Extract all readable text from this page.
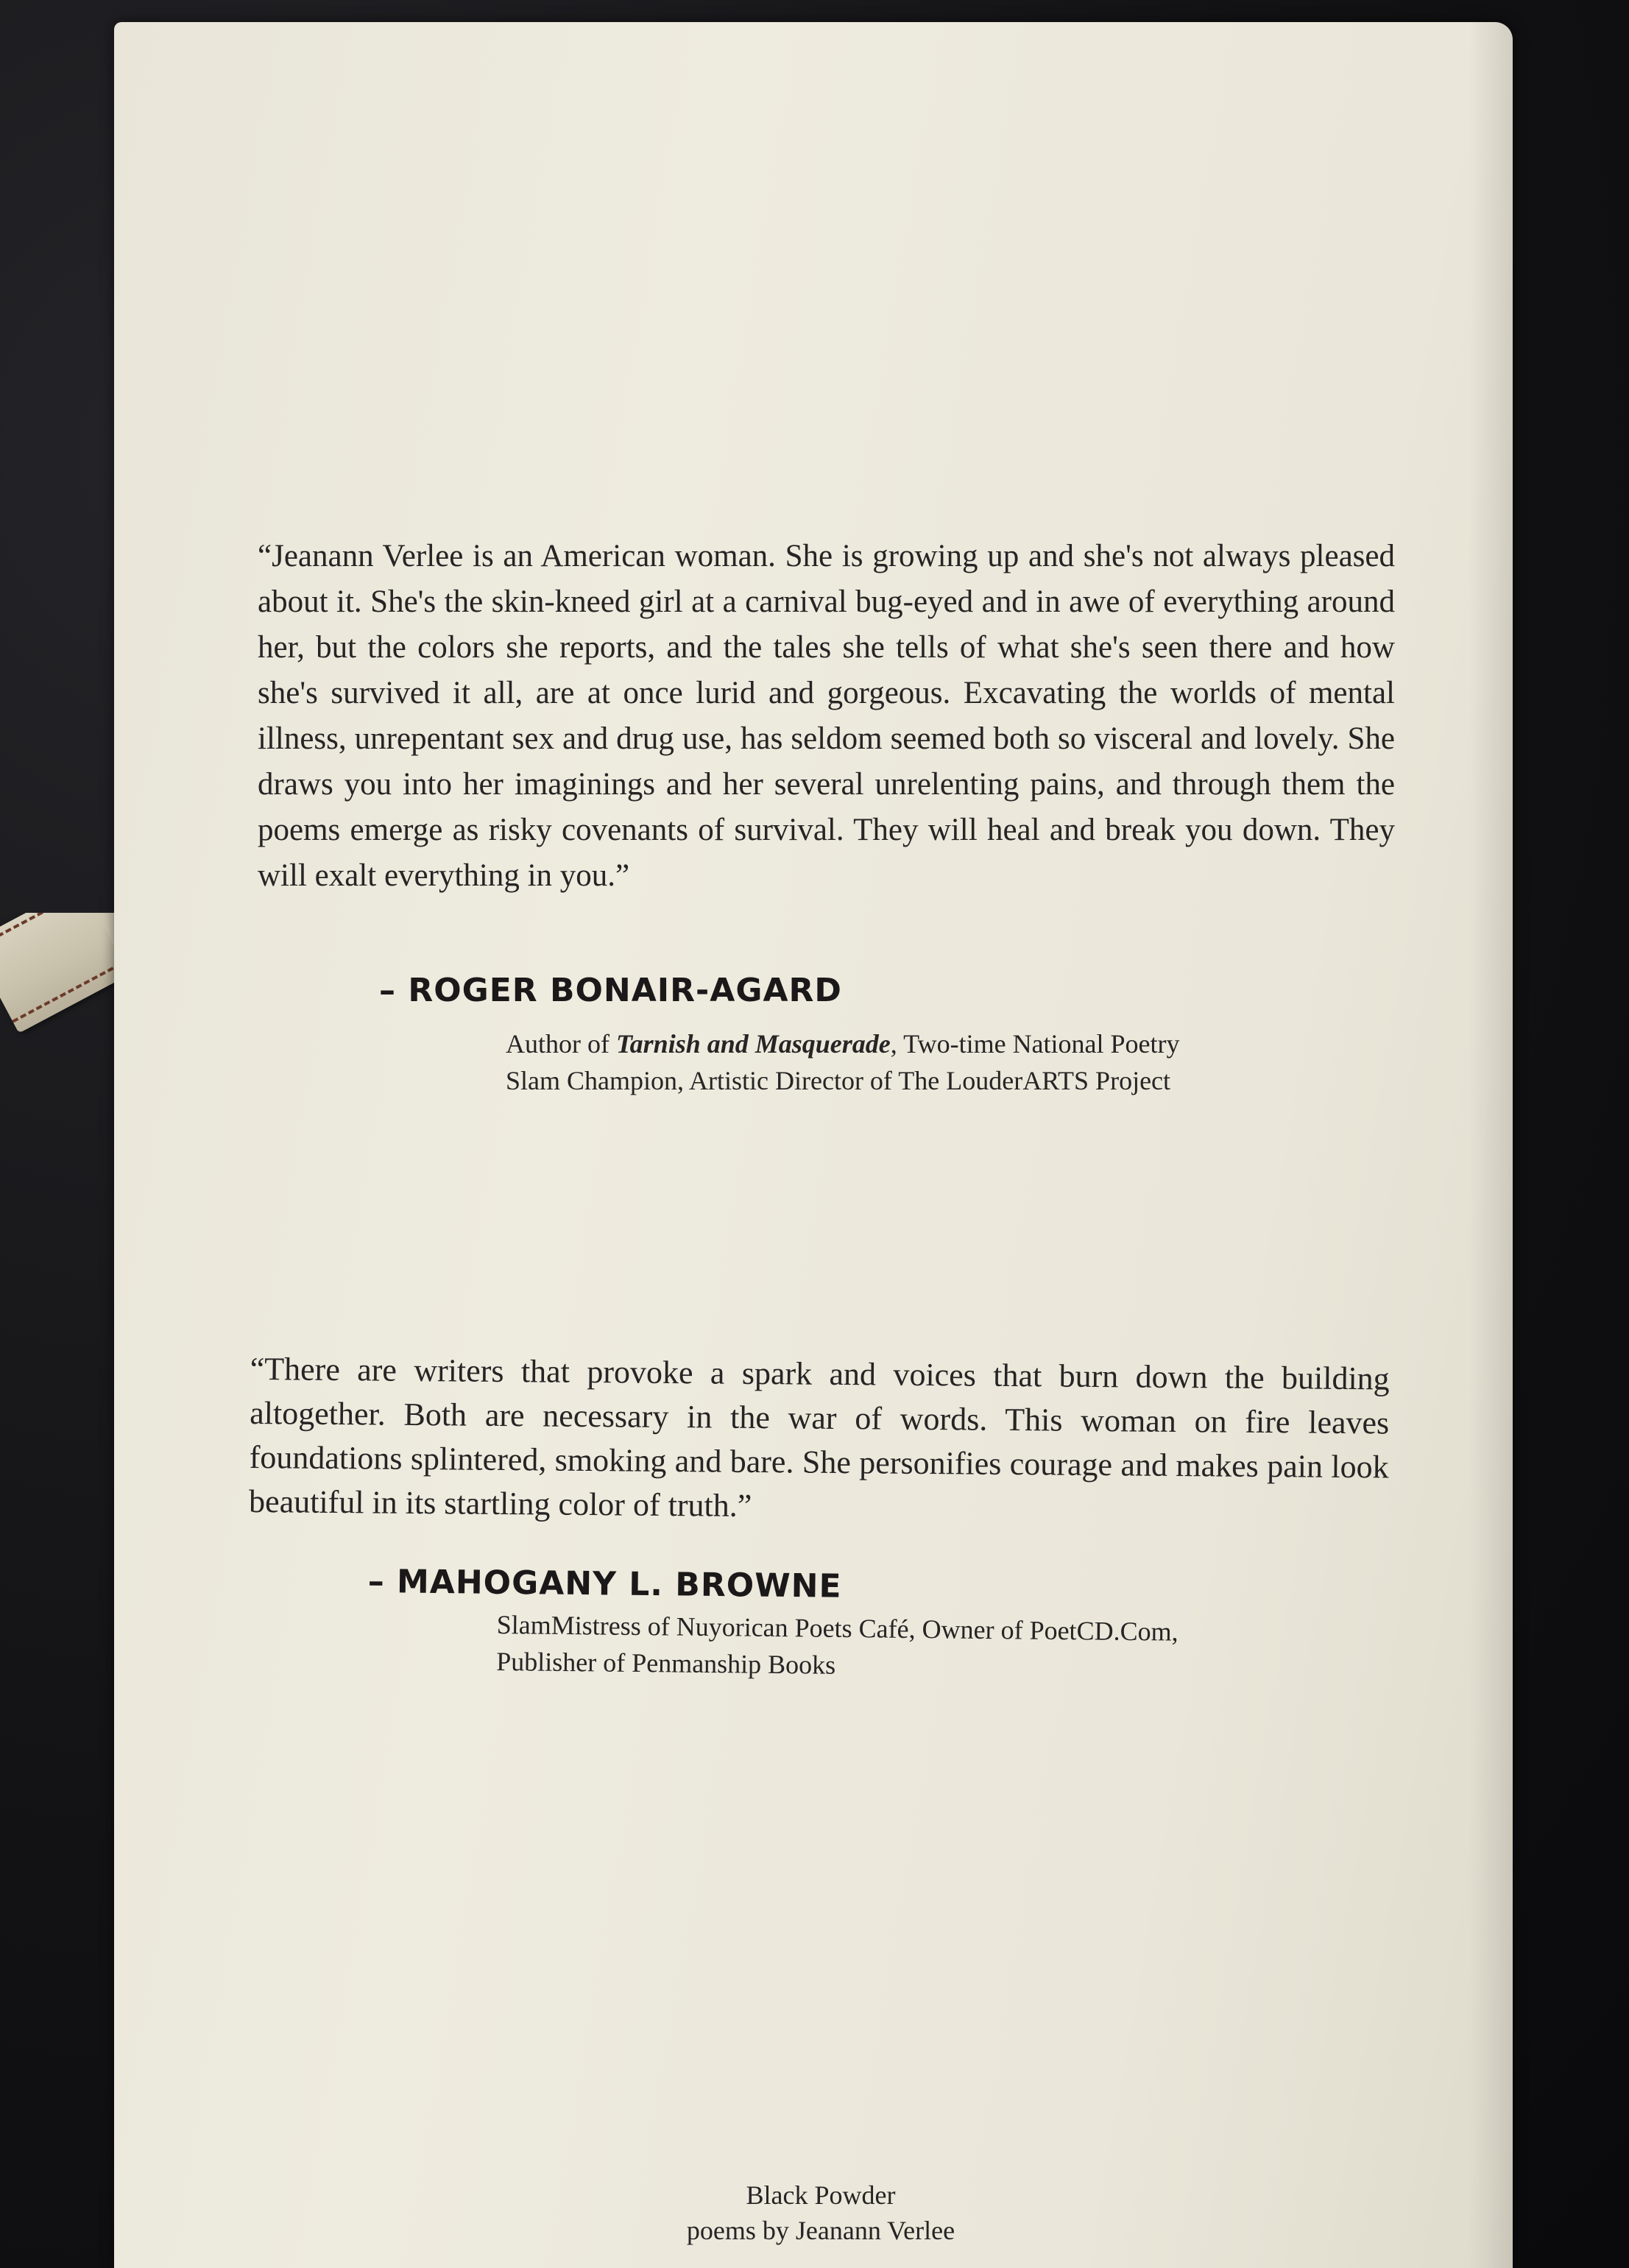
“Jeanann Verlee is an American woman. She is growing up and she's not always pleased about it. She's the skin-kneed girl at a carnival bug-eyed and in awe of everything around her, but the colors she reports, and the tales she tells of what she's seen there and how she's survived it all, are at once lurid and gorgeous. Excavating the worlds of mental illness, unrepentant sex and drug use, has seldom seemed both so visceral and lovely. She draws you into her imaginings and her several unrelenting pains, and through them the poems emerge as risky covenants of survival. They will heal and break you down. They will exalt everything in you.”

– ROGER BONAIR-AGARD

Author of Tarnish and Masquerade, Two-time National Poetry
Slam Champion, Artistic Director of The LouderARTS Project

“There are writers that provoke a spark and voices that burn down the building altogether. Both are necessary in the war of words. This woman on fire leaves foundations splintered, smoking and bare. She personifies courage and makes pain look beautiful in its startling color of truth.”

– MAHOGANY L. BROWNE

SlamMistress of Nuyorican Poets Café, Owner of PoetCD.Com,
Publisher of Penmanship Books

Black Powder
poems by Jeanann Verlee
